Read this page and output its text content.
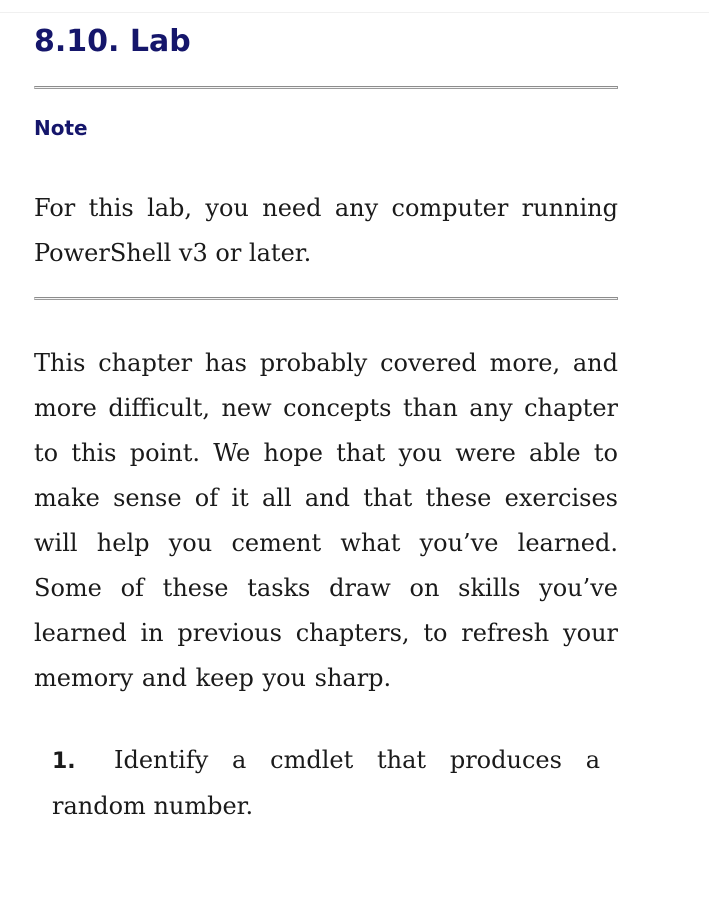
8.10. Lab
Note
For this lab, you need any computer running PowerShell v3 or later.
This chapter has probably covered more, and more difficult, new concepts than any chapter to this point. We hope that you were able to make sense of it all and that these exercises will help you cement what you’ve learned. Some of these tasks draw on skills you’ve learned in previous chapters, to refresh your memory and keep you sharp.
1. Identify a cmdlet that produces a random number.
